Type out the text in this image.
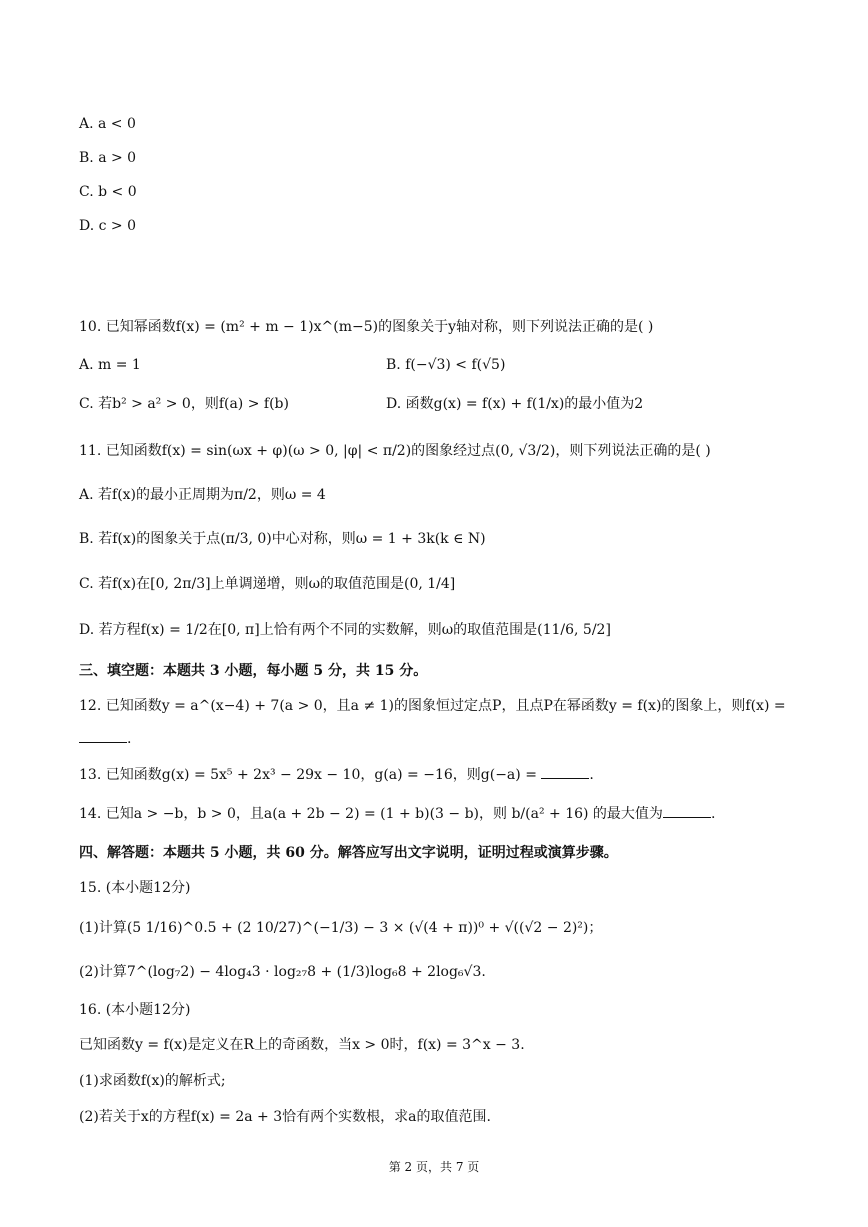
A. a < 0
B. a > 0
C. b < 0
D. c > 0
10. 已知幂函数f(x) = (m² + m − 1)x^(m−5)的图象关于y轴对称，则下列说法正确的是( )
A. m = 1	B. f(−√3) < f(√5)
C. 若b² > a² > 0，则f(a) > f(b)	D. 函数g(x) = f(x) + f(1/x)的最小值为2
11. 已知函数f(x) = sin(ωx + φ)(ω > 0, |φ| < π/2)的图象经过点(0, √3/2)，则下列说法正确的是( )
A. 若f(x)的最小正周期为π/2，则ω = 4
B. 若f(x)的图象关于点(π/3, 0)中心对称，则ω = 1 + 3k(k ∈ N)
C. 若f(x)在[0, 2π/3]上单调递增，则ω的取值范围是(0, 1/4]
D. 若方程f(x) = 1/2在[0, π]上恰有两个不同的实数解，则ω的取值范围是(11/6, 5/2]
三、填空题：本题共 3 小题，每小题 5 分，共 15 分。
12. 已知函数y = a^(x−4) + 7(a > 0，且a ≠ 1)的图象恒过定点P，且点P在幂函数y = f(x)的图象上，则f(x) =
.
13. 已知函数g(x) = 5x⁵ + 2x³ − 29x − 10，g(a) = −16，则g(−a) =	.
14. 已知a > −b，b > 0，且a(a + 2b − 2) = (1 + b)(3 − b)，则 b/(a² + 16) 的最大值为	.
四、解答题：本题共 5 小题，共 60 分。解答应写出文字说明，证明过程或演算步骤。
15. (本小题12分)
(1)计算(5 1/16)^0.5 + (2 10/27)^(−1/3) − 3 × (√(4 + π))⁰ + √((√2 − 2)²)；
(2)计算7^(log₇2) − 4log₄3 · log₂₇8 + (1/3)log₆8 + 2log₆√3.
16. (本小题12分)
已知函数y = f(x)是定义在R上的奇函数，当x > 0时，f(x) = 3^x − 3.
(1)求函数f(x)的解析式;
(2)若关于x的方程f(x) = 2a + 3恰有两个实数根，求a的取值范围.
第 2 页，共 7 页
